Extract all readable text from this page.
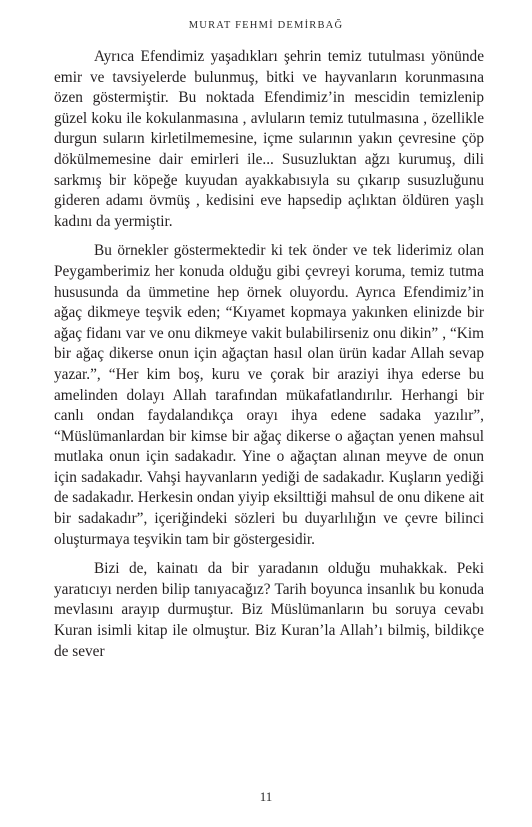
MURAT FEHMİ DEMİRBAĞ

Ayrıca Efendimiz yaşadıkları şehrin temiz tutulması yönünde emir ve tavsiyelerde bulunmuş, bitki ve hayvanların korunmasına özen göstermiştir. Bu noktada Efendimiz’in mescidin temizlenip güzel koku ile kokulanmasına , avluların temiz tutulmasına , özellikle durgun suların kirletilmemesine, içme sularının yakın çevresine çöp dökülmemesine dair emirleri ile... Susuzluktan ağzı kurumuş, dili sarkmış bir köpeğe kuyudan ayakkabısıyla su çıkarıp susuzluğunu gideren adamı övmüş , kedisini eve hapsedip açlıktan öldüren yaşlı kadını da yermiştir.

Bu örnekler göstermektedir ki tek önder ve tek liderimiz olan Peygamberimiz her konuda olduğu gibi çevreyi koruma, temiz tutma hususunda da ümmetine hep örnek oluyordu. Ayrıca Efendimiz’in ağaç dikmeye teşvik eden; “Kıyamet kopmaya yakınken elinizde bir ağaç fidanı var ve onu dikmeye vakit bulabilirseniz onu dikin” , “Kim bir ağaç dikerse onun için ağaçtan hasıl olan ürün kadar Allah sevap yazar.”, “Her kim boş, kuru ve çorak bir araziyi ihya ederse bu amelinden dolayı Allah tarafından mükafatlandırılır. Herhangi bir canlı ondan faydalandıkça orayı ihya edene sadaka yazılır”, “Müslümanlardan bir kimse bir ağaç dikerse o ağaçtan yenen mahsul mutlaka onun için sadakadır. Yine o ağaçtan alınan meyve de onun için sadakadır. Vahşi hayvanların yediği de sadakadır. Kuşların yediği de sadakadır. Herkesin ondan yiyip eksilttiği mahsul de onu dikene ait bir sadakadır”, içeriğindeki sözleri bu duyarlılığın ve çevre bilinci oluşturmaya teşvikin tam bir göstergesidir.

Bizi de, kainatı da bir yaradanın olduğu muhakkak. Peki yaratıcıyı nerden bilip tanıyacağız? Tarih boyunca insanlık bu konuda mevlasını arayıp durmuştur. Biz Müslümanların bu soruya cevabı Kuran isimli kitap ile olmuştur. Biz Kuran’la Allah’ı bilmiş, bildikçe de sever

11
